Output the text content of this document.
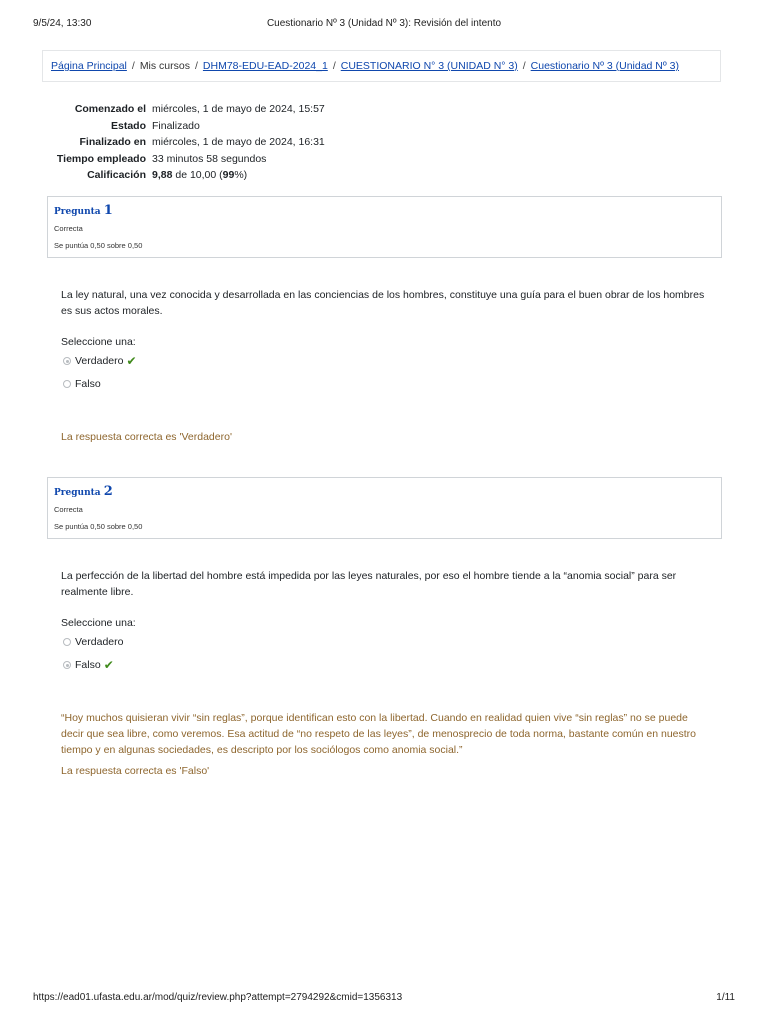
9/5/24, 13:30	Cuestionario Nº 3 (Unidad Nº 3): Revisión del intento
Página Principal / Mis cursos / DHM78-EDU-EAD-2024_1 / CUESTIONARIO N° 3 (UNIDAD N° 3) / Cuestionario Nº 3 (Unidad Nº 3)
Comenzado el	miércoles, 1 de mayo de 2024, 15:57
Estado	Finalizado
Finalizado en	miércoles, 1 de mayo de 2024, 16:31
Tiempo empleado	33 minutos 58 segundos
Calificación	9,88 de 10,00 (99%)
Pregunta 1
Correcta
Se puntúa 0,50 sobre 0,50
La ley natural, una vez conocida y desarrollada en las conciencias de los hombres, constituye una guía para el buen obrar de los hombres es sus actos morales.
Seleccione una:
Verdadero ✔
Falso
La respuesta correcta es 'Verdadero'
Pregunta 2
Correcta
Se puntúa 0,50 sobre 0,50
La perfección de la libertad del hombre está impedida por las leyes naturales, por eso el hombre tiende a la “anomia social” para ser realmente libre.
Seleccione una:
Verdadero
Falso ✔
“Hoy muchos quisieran vivir “sin reglas”, porque identifican esto con la libertad. Cuando en realidad quien vive “sin reglas” no se puede decir que sea libre, como veremos. Esa actitud de “no respeto de las leyes”, de menosprecio de toda norma, bastante común en nuestro tiempo y en algunas sociedades, es descripto por los sociólogos como anomia social.”
La respuesta correcta es 'Falso'
https://ead01.ufasta.edu.ar/mod/quiz/review.php?attempt=2794292&cmid=1356313	1/11
